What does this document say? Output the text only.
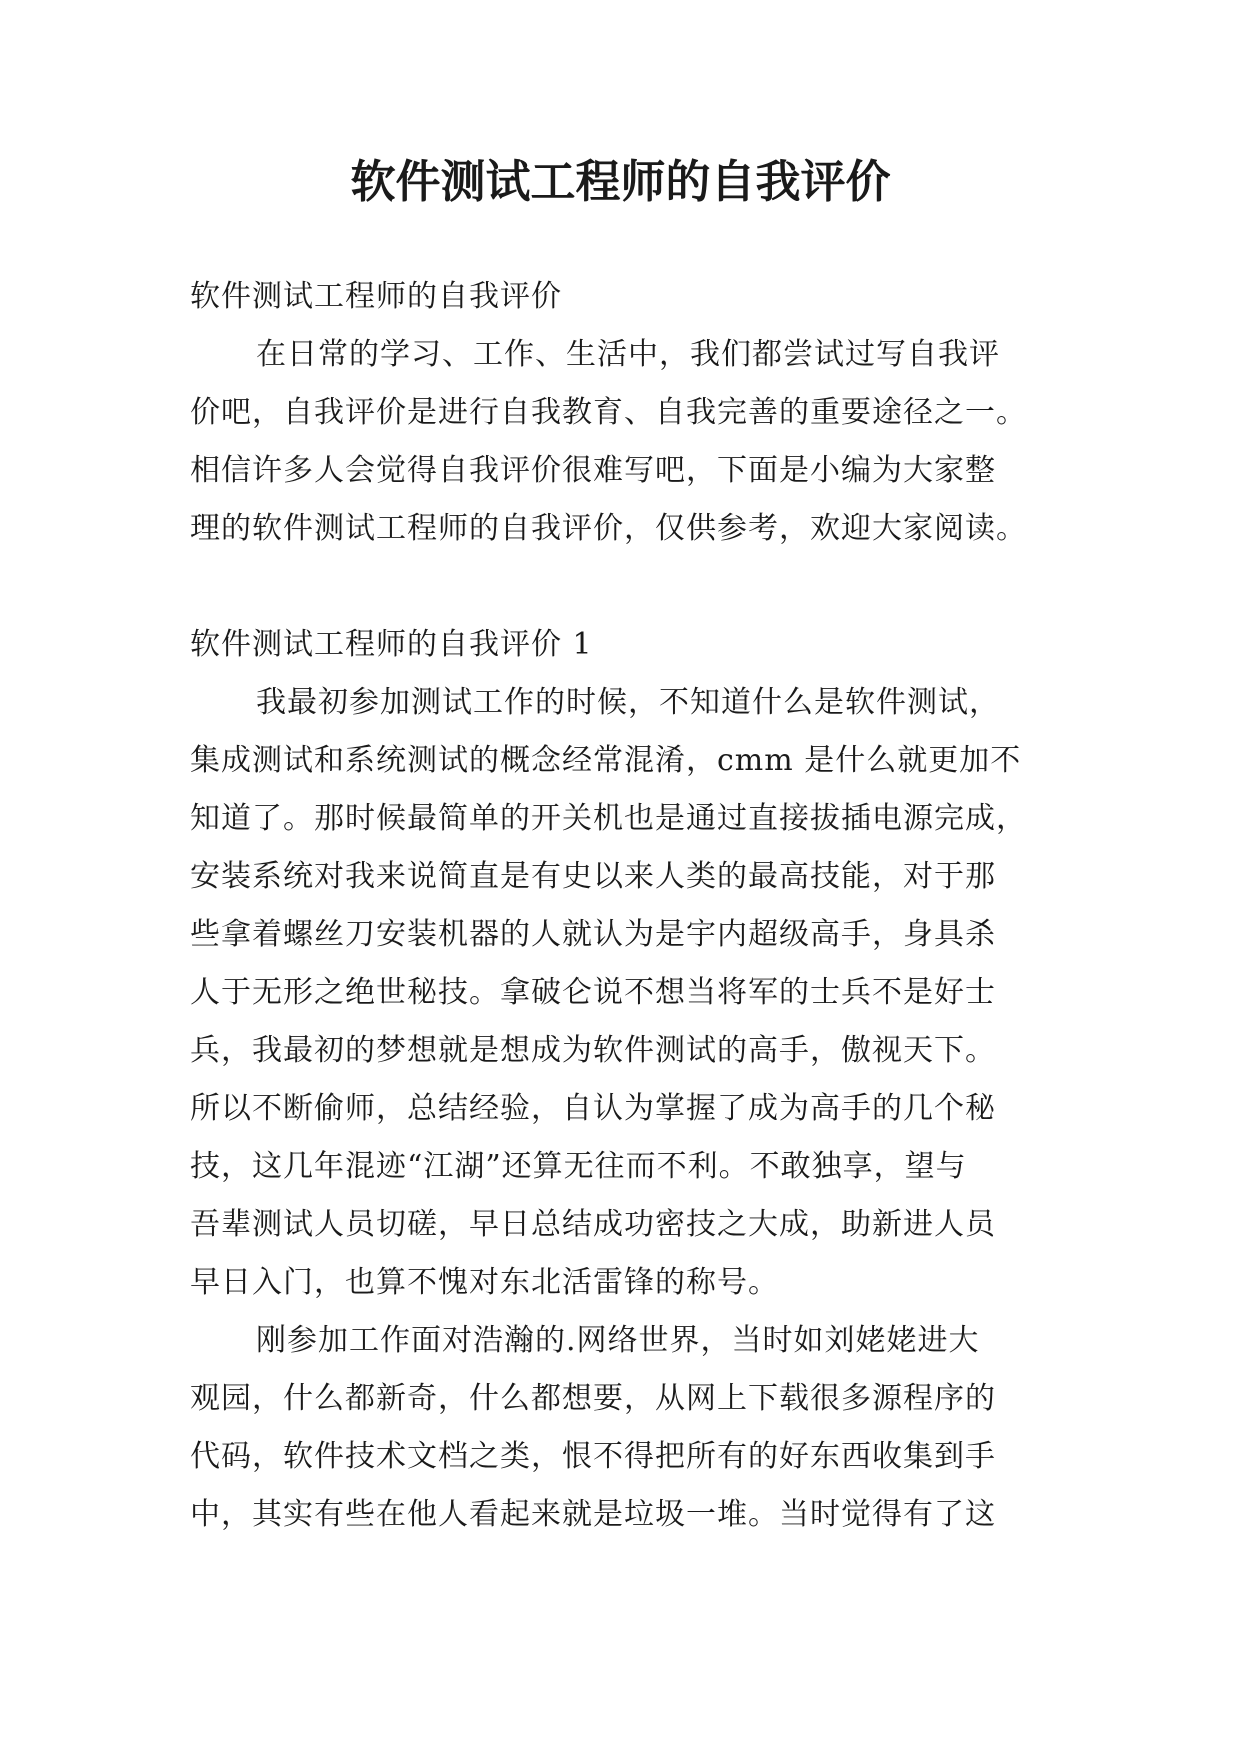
软件测试工程师的自我评价
软件测试工程师的自我评价
在日常的学习、工作、生活中，我们都尝试过写自我评
价吧，自我评价是进行自我教育、自我完善的重要途径之一。
相信许多人会觉得自我评价很难写吧，下面是小编为大家整
理的软件测试工程师的自我评价，仅供参考，欢迎大家阅读。
软件测试工程师的自我评价 1
我最初参加测试工作的时候，不知道什么是软件测试，
集成测试和系统测试的概念经常混淆，cmm 是什么就更加不
知道了。那时候最简单的开关机也是通过直接拔插电源完成，
安装系统对我来说简直是有史以来人类的最高技能，对于那
些拿着螺丝刀安装机器的人就认为是宇内超级高手，身具杀
人于无形之绝世秘技。拿破仑说不想当将军的士兵不是好士
兵，我最初的梦想就是想成为软件测试的高手，傲视天下。
所以不断偷师，总结经验，自认为掌握了成为高手的几个秘
技，这几年混迹“江湖”还算无往而不利。不敢独享，望与
吾辈测试人员切磋，早日总结成功密技之大成，助新进人员
早日入门，也算不愧对东北活雷锋的称号。
刚参加工作面对浩瀚的.网络世界，当时如刘姥姥进大
观园，什么都新奇，什么都想要，从网上下载很多源程序的
代码，软件技术文档之类，恨不得把所有的好东西收集到手
中，其实有些在他人看起来就是垃圾一堆。当时觉得有了这
